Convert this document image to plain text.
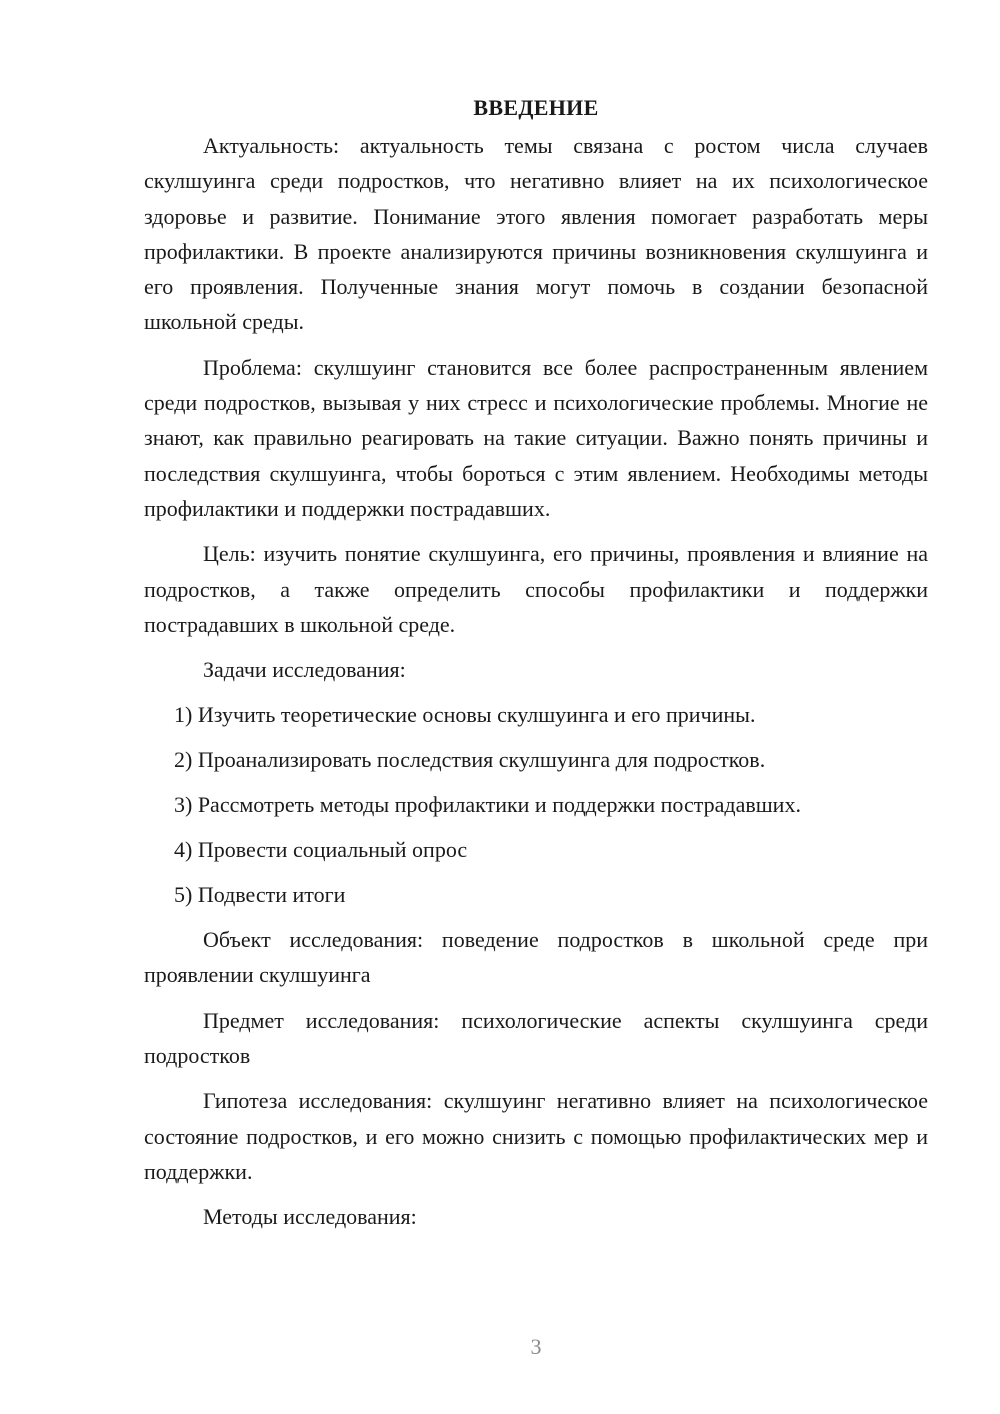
ВВЕДЕНИЕ

Актуальность: актуальность темы связана с ростом числа случаев скулшуинга среди подростков, что негативно влияет на их психологическое здоровье и развитие. Понимание этого явления помогает разработать меры профилактики. В проекте анализируются причины возникновения скулшуинга и его проявления. Полученные знания могут помочь в создании безопасной школьной среды.

Проблема: скулшуинг становится все более распространенным явлением среди подростков, вызывая у них стресс и психологические проблемы. Многие не знают, как правильно реагировать на такие ситуации. Важно понять причины и последствия скулшуинга, чтобы бороться с этим явлением. Необходимы методы профилактики и поддержки пострадавших.

Цель: изучить понятие скулшуинга, его причины, проявления и влияние на подростков, а также определить способы профилактики и поддержки пострадавших в школьной среде.

Задачи исследования:
1) Изучить теоретические основы скулшуинга и его причины.
2) Проанализировать последствия скулшуинга для подростков.
3) Рассмотреть методы профилактики и поддержки пострадавших.
4) Провести социальный опрос
5) Подвести итоги

Объект исследования: поведение подростков в школьной среде при проявлении скулшуинга

Предмет исследования: психологические аспекты скулшуинга среди подростков

Гипотеза исследования: скулшуинг негативно влияет на психологическое состояние подростков, и его можно снизить с помощью профилактических мер и поддержки.

Методы исследования:
3
